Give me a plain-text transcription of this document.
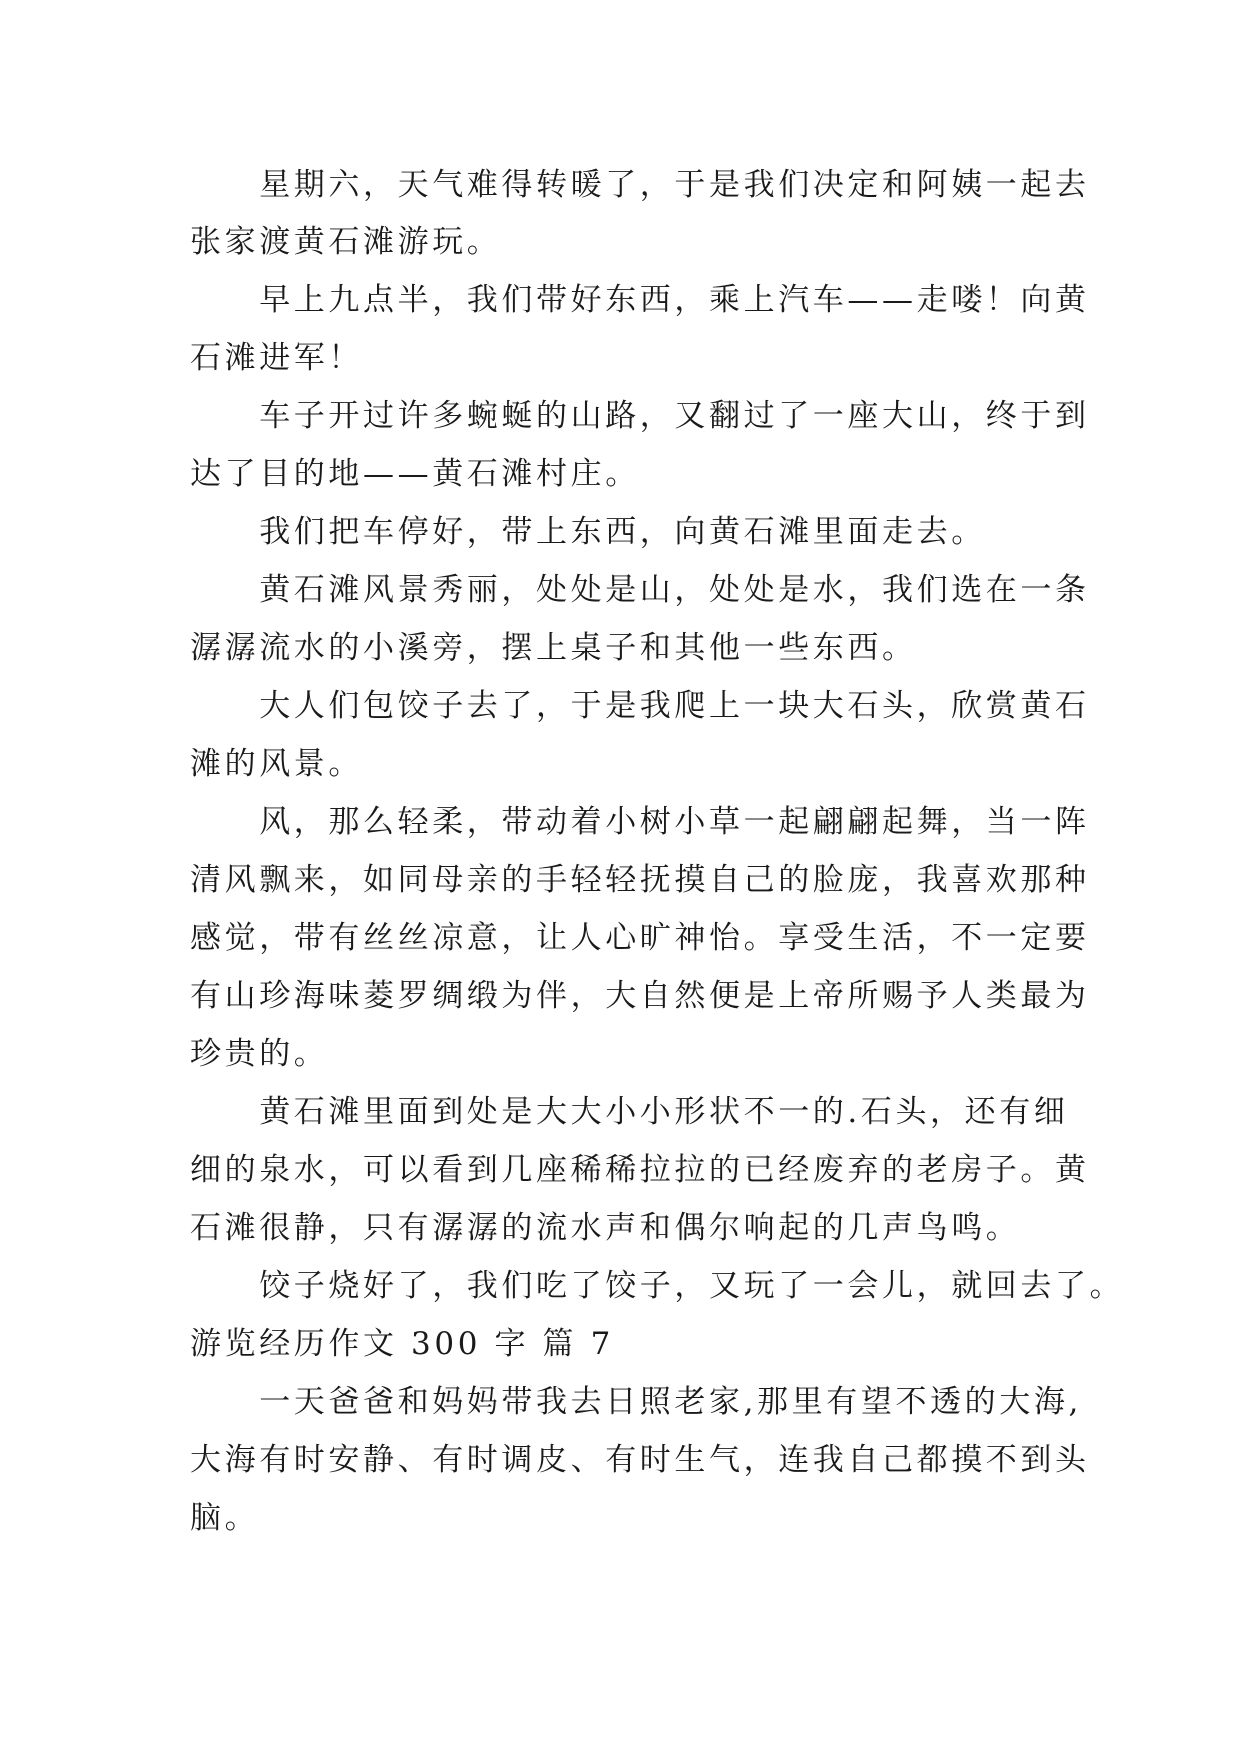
　　星期六，天气难得转暖了，于是我们决定和阿姨一起去

张家渡黄石滩游玩。

　　早上九点半，我们带好东西，乘上汽车——走喽！向黄

石滩进军！

　　车子开过许多蜿蜒的山路，又翻过了一座大山，终于到

达了目的地——黄石滩村庄。

　　我们把车停好，带上东西，向黄石滩里面走去。

　　黄石滩风景秀丽，处处是山，处处是水，我们选在一条

潺潺流水的小溪旁，摆上桌子和其他一些东西。

　　大人们包饺子去了，于是我爬上一块大石头，欣赏黄石

滩的风景。

　　风，那么轻柔，带动着小树小草一起翩翩起舞，当一阵

清风飘来，如同母亲的手轻轻抚摸自己的脸庞，我喜欢那种

感觉，带有丝丝凉意，让人心旷神怡。享受生活，不一定要

有山珍海味菱罗绸缎为伴，大自然便是上帝所赐予人类最为

珍贵的。

　　黄石滩里面到处是大大小小形状不一的.石头，还有细

细的泉水，可以看到几座稀稀拉拉的已经废弃的老房子。黄

石滩很静，只有潺潺的流水声和偶尔响起的几声鸟鸣。

　　饺子烧好了，我们吃了饺子，又玩了一会儿，就回去了。

游览经历作文 300 字 篇 7

　　一天爸爸和妈妈带我去日照老家,那里有望不透的大海,

大海有时安静、有时调皮、有时生气，连我自己都摸不到头

脑。
